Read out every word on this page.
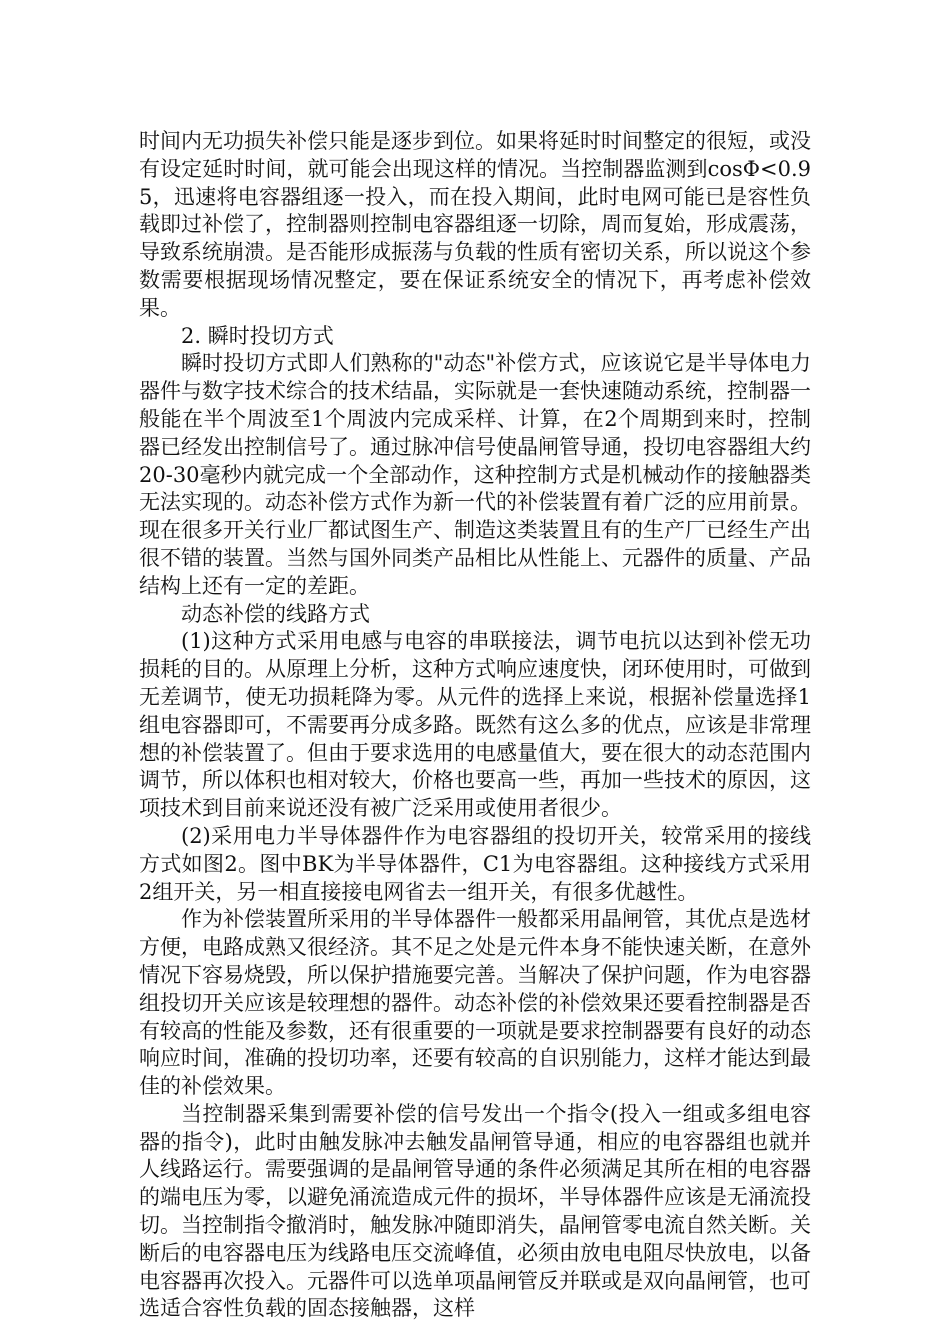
时间内无功损失补偿只能是逐步到位。如果将延时时间整定的很短，或没有设定延时时间，就可能会出现这样的情况。当控制器监测到cosΦ<0.95，迅速将电容器组逐一投入，而在投入期间，此时电网可能已是容性负载即过补偿了，控制器则控制电容器组逐一切除，周而复始，形成震荡，导致系统崩溃。是否能形成振荡与负载的性质有密切关系，所以说这个参数需要根据现场情况整定，要在保证系统安全的情况下，再考虑补偿效果。

2. 瞬时投切方式

瞬时投切方式即人们熟称的"动态"补偿方式，应该说它是半导体电力器件与数字技术综合的技术结晶，实际就是一套快速随动系统，控制器一般能在半个周波至1个周波内完成采样、计算，在2个周期到来时，控制器已经发出控制信号了。通过脉冲信号使晶闸管导通，投切电容器组大约20-30毫秒内就完成一个全部动作，这种控制方式是机械动作的接触器类无法实现的。动态补偿方式作为新一代的补偿装置有着广泛的应用前景。现在很多开关行业厂都试图生产、制造这类装置且有的生产厂已经生产出很不错的装置。当然与国外同类产品相比从性能上、元器件的质量、产品结构上还有一定的差距。

动态补偿的线路方式

(1)这种方式采用电感与电容的串联接法，调节电抗以达到补偿无功损耗的目的。从原理上分析，这种方式响应速度快，闭环使用时，可做到无差调节，使无功损耗降为零。从元件的选择上来说，根据补偿量选择1组电容器即可，不需要再分成多路。既然有这么多的优点，应该是非常理想的补偿装置了。但由于要求选用的电感量值大，要在很大的动态范围内调节，所以体积也相对较大，价格也要高一些，再加一些技术的原因，这项技术到目前来说还没有被广泛采用或使用者很少。

(2)采用电力半导体器件作为电容器组的投切开关，较常采用的接线方式如图2。图中BK为半导体器件，C1为电容器组。这种接线方式采用2组开关，另一相直接接电网省去一组开关，有很多优越性。

作为补偿装置所采用的半导体器件一般都采用晶闸管，其优点是选材方便，电路成熟又很经济。其不足之处是元件本身不能快速关断，在意外情况下容易烧毁，所以保护措施要完善。当解决了保护问题，作为电容器组投切开关应该是较理想的器件。动态补偿的补偿效果还要看控制器是否有较高的性能及参数，还有很重要的一项就是要求控制器要有良好的动态响应时间，准确的投切功率，还要有较高的自识别能力，这样才能达到最佳的补偿效果。

当控制器采集到需要补偿的信号发出一个指令(投入一组或多组电容器的指令)，此时由触发脉冲去触发晶闸管导通，相应的电容器组也就并人线路运行。需要强调的是晶闸管导通的条件必须满足其所在相的电容器的端电压为零，以避免涌流造成元件的损坏，半导体器件应该是无涌流投切。当控制指令撤消时，触发脉冲随即消失，晶闸管零电流自然关断。关断后的电容器电压为线路电压交流峰值，必须由放电电阻尽快放电，以备电容器再次投入。元器件可以选单项晶闸管反并联或是双向晶闸管，也可选适合容性负载的固态接触器，这样
